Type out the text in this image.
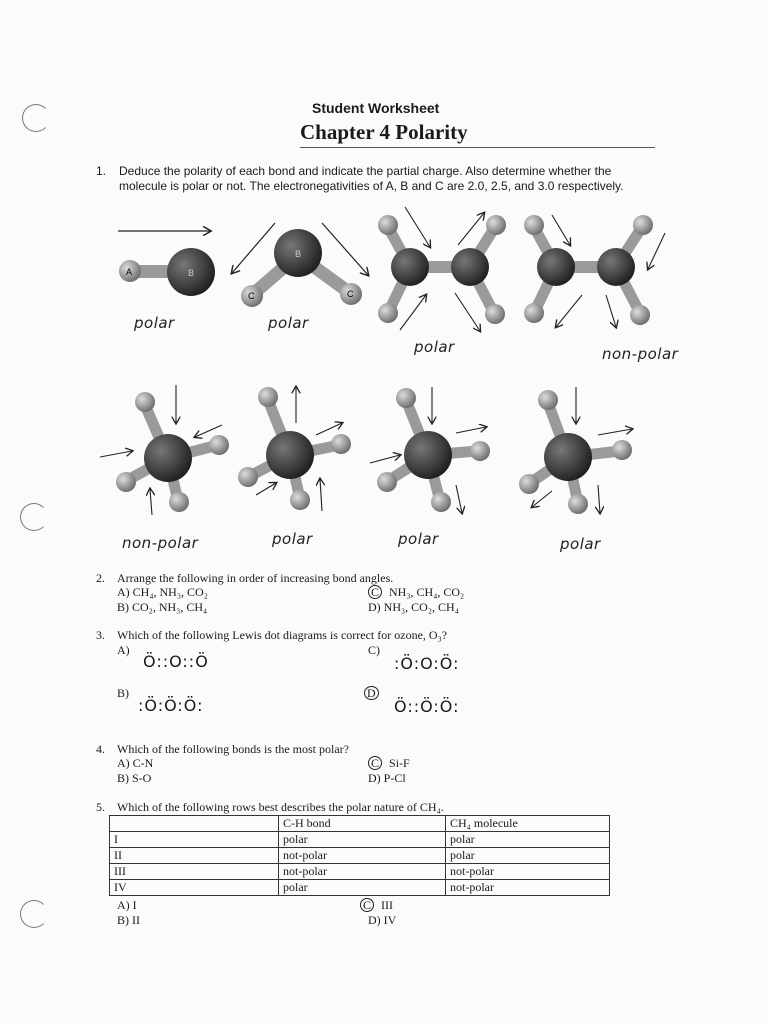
Student Worksheet
Chapter 4 Polarity
1. Deduce the polarity of each bond and indicate the partial charge. Also determine whether the
molecule is polar or not. The electronegativities of A, B and C are 2.0, 2.5, and 3.0 respectively.
A	B
B
C	C
polar	polar
polar	non-polar
non-polar	polar	polar	polar
2. Arrange the following in order of increasing bond angles.
A) CH₄, NH₃, CO₂
B) CO₂, NH₃, CH₄
C NH₃, CH₄, CO₂
D) NH₃, CO₂, CH₄
3. Which of the following Lewis dot diagrams is correct for ozone, O₃?
A)
Ö::O::Ö
B)
:Ö:Ö:Ö:
C)
:Ö:O:Ö:
D
Ö::Ö:Ö:
4. Which of the following bonds is the most polar?
A) C-N
B) S-O
C Si-F
D) P-Cl
5. Which of the following rows best describes the polar nature of CH₄.
	C-H bond	CH₄ molecule
I	polar	polar
II	not-polar	polar
III	not-polar	not-polar
IV	polar	not-polar
A) I
B) II
C III
D) IV
